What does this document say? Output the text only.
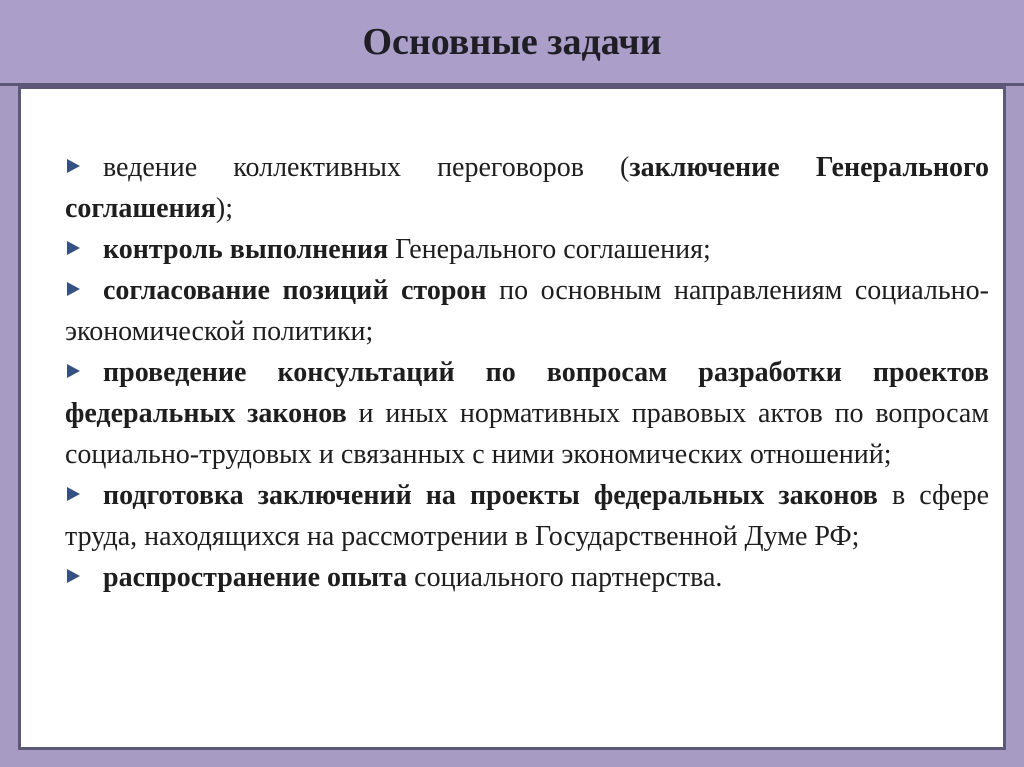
Основные задачи
ведение коллективных переговоров (заключение Генерального соглашения);
контроль выполнения Генерального соглашения;
согласование позиций сторон по основным направлениям социально-экономической политики;
проведение консультаций по вопросам разработки проектов федеральных законов и иных нормативных правовых актов по вопросам социально-трудовых и связанных с ними экономических отношений;
подготовка заключений на проекты федеральных законов в сфере труда, находящихся на рассмотрении в Государственной Думе РФ;
распространение опыта социального партнерства.
